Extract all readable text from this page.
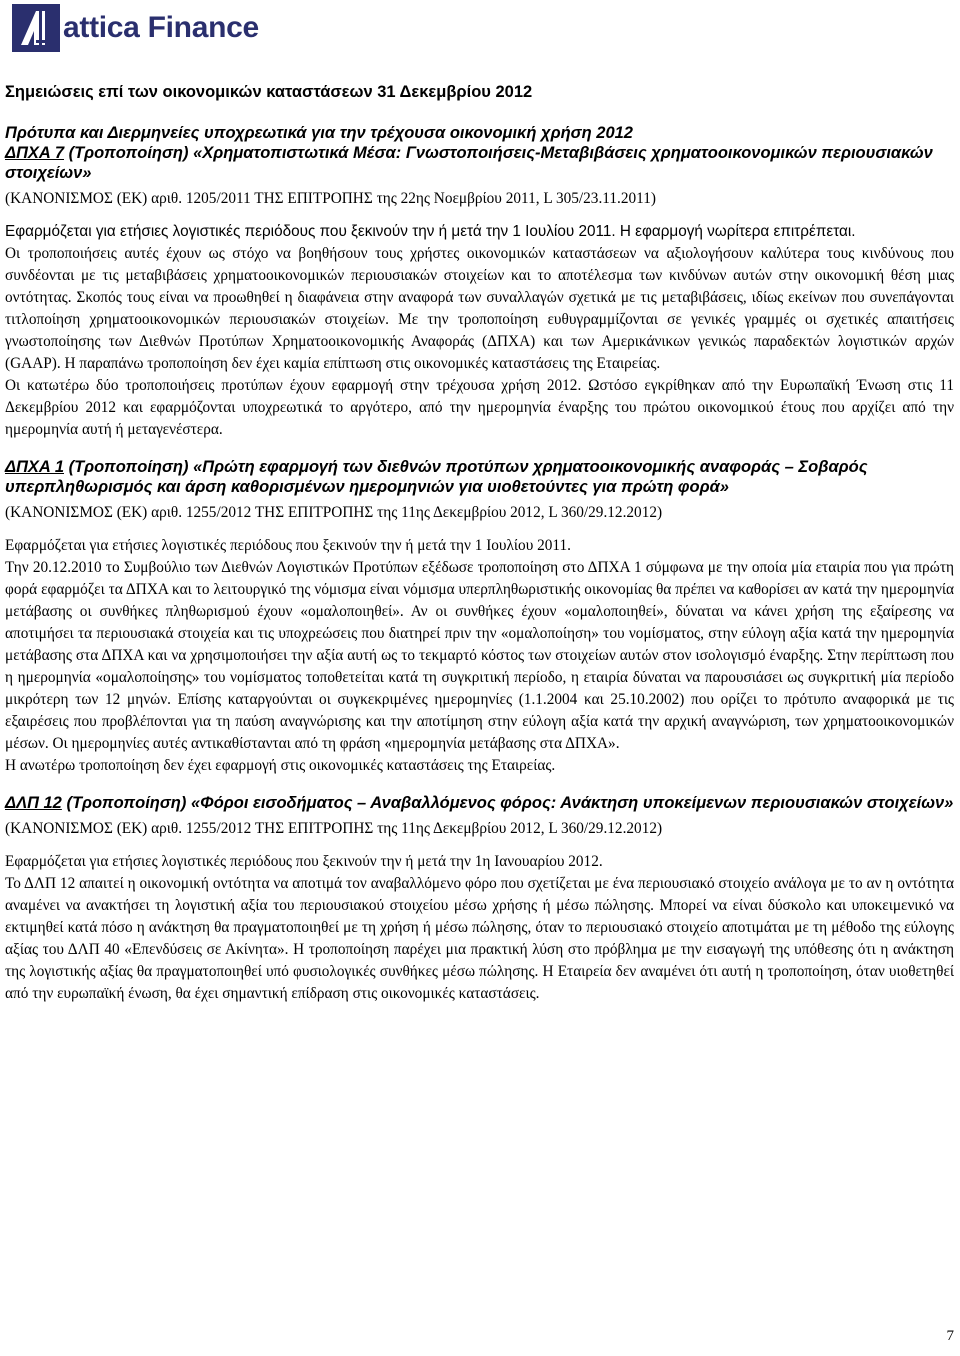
attica Finance
Σημειώσεις επί των οικονομικών καταστάσεων 31 Δεκεμβρίου 2012
Πρότυπα και Διερμηνείες υποχρεωτικά για την τρέχουσα οικονομική χρήση 2012
ΔΠΧΑ 7 (Τροποποίηση) «Χρηματοπιστωτικά Μέσα: Γνωστοποιήσεις-Μεταβιβάσεις χρηματοοικονομικών περιουσιακών στοιχείων»
(ΚΑΝΟΝΙΣΜΟΣ (ΕΚ) αριθ. 1205/2011 ΤΗΣ ΕΠΙΤΡΟΠΗΣ της 22ης Νοεμβρίου 2011, L 305/23.11.2011)

Εφαρμόζεται για ετήσιες λογιστικές περιόδους που ξεκινούν την ή μετά την 1 Ιουλίου 2011. Η εφαρμογή νωρίτερα επιτρέπεται.

Οι τροποποιήσεις αυτές έχουν ως στόχο να βοηθήσουν τους χρήστες οικονομικών καταστάσεων να αξιολογήσουν καλύτερα τους κινδύνους που συνδέονται με τις μεταβιβάσεις χρηματοοικονομικών περιουσιακών στοιχείων και το αποτέλεσμα των κινδύνων αυτών στην οικονομική θέση μιας οντότητας. Σκοπός τους είναι να προωθηθεί η διαφάνεια στην αναφορά των συναλλαγών σχετικά με τις μεταβιβάσεις, ιδίως εκείνων που συνεπάγονται τιτλοποίηση χρηματοοικονομικών περιουσιακών στοιχείων. Με την τροποποίηση ευθυγραμμίζονται σε γενικές γραμμές οι σχετικές απαιτήσεις γνωστοποίησης των Διεθνών Προτύπων Χρηματοοικονομικής Αναφοράς (ΔΠΧΑ) και των Αμερικάνικων γενικώς παραδεκτών λογιστικών αρχών (GAAP). Η παραπάνω τροποποίηση δεν έχει καμία επίπτωση στις οικονομικές καταστάσεις της Εταιρείας.

Οι κατωτέρω δύο τροποποιήσεις προτύπων έχουν εφαρμογή στην τρέχουσα χρήση 2012. Ωστόσο εγκρίθηκαν από την Ευρωπαϊκή Ένωση στις 11 Δεκεμβρίου 2012 και εφαρμόζονται υποχρεωτικά το αργότερο, από την ημερομηνία έναρξης του πρώτου οικονομικού έτους που αρχίζει από την ημερομηνία αυτή ή μεταγενέστερα.

ΔΠΧΑ 1 (Τροποποίηση) «Πρώτη εφαρμογή των διεθνών προτύπων χρηματοοικονομικής αναφοράς – Σοβαρός υπερπληθωρισμός και άρση καθορισμένων ημερομηνιών για υιοθετούντες για πρώτη φορά»
(ΚΑΝΟΝΙΣΜΟΣ (ΕΚ) αριθ. 1255/2012 ΤΗΣ ΕΠΙΤΡΟΠΗΣ της 11ης Δεκεμβρίου 2012, L 360/29.12.2012)

Εφαρμόζεται για ετήσιες λογιστικές περιόδους που ξεκινούν την ή μετά την 1 Ιουλίου 2011.

Την 20.12.2010 το Συμβούλιο των Διεθνών Λογιστικών Προτύπων εξέδωσε τροποποίηση στο ΔΠΧΑ 1 σύμφωνα με την οποία μία εταιρία που για πρώτη φορά εφαρμόζει τα ΔΠΧΑ και το λειτουργικό της νόμισμα είναι νόμισμα υπερπληθωριστικής οικονομίας θα πρέπει να καθορίσει αν κατά την ημερομηνία μετάβασης οι συνθήκες πληθωρισμού έχουν «ομαλοποιηθεί». Αν οι συνθήκες έχουν «ομαλοποιηθεί», δύναται να κάνει χρήση της εξαίρεσης να αποτιμήσει τα περιουσιακά στοιχεία και τις υποχρεώσεις που διατηρεί πριν την «ομαλοποίηση» του νομίσματος, στην εύλογη αξία κατά την ημερομηνία μετάβασης στα ΔΠΧΑ και να χρησιμοποιήσει την αξία αυτή ως το τεκμαρτό κόστος των στοιχείων αυτών στον ισολογισμό έναρξης. Στην περίπτωση που η ημερομηνία «ομαλοποίησης» του νομίσματος τοποθετείται κατά τη συγκριτική περίοδο, η εταιρία δύναται να παρουσιάσει ως συγκριτική μία περίοδο μικρότερη των 12 μηνών. Επίσης καταργούνται οι συγκεκριμένες ημερομηνίες (1.1.2004 και 25.10.2002) που ορίζει το πρότυπο αναφορικά με τις εξαιρέσεις που προβλέπονται για τη παύση αναγνώρισης και την αποτίμηση στην εύλογη αξία κατά την αρχική αναγνώριση, των χρηματοοικονομικών μέσων. Οι ημερομηνίες αυτές αντικαθίστανται από τη φράση «ημερομηνία μετάβασης στα ΔΠΧΑ».

Η ανωτέρω τροποποίηση δεν έχει εφαρμογή στις οικονομικές καταστάσεις της Εταιρείας.

ΔΛΠ 12 (Τροποποίηση) «Φόροι εισοδήματος – Αναβαλλόμενος φόρος: Ανάκτηση υποκείμενων περιουσιακών στοιχείων»
(ΚΑΝΟΝΙΣΜΟΣ (ΕΚ) αριθ. 1255/2012 ΤΗΣ ΕΠΙΤΡΟΠΗΣ της 11ης Δεκεμβρίου 2012, L 360/29.12.2012)

Εφαρμόζεται για ετήσιες λογιστικές περιόδους που ξεκινούν την ή μετά την 1η Ιανουαρίου 2012.

Το ΔΛΠ 12 απαιτεί η οικονομική οντότητα να αποτιμά τον αναβαλλόμενο φόρο που σχετίζεται με ένα περιουσιακό στοιχείο ανάλογα με το αν η οντότητα αναμένει να ανακτήσει τη λογιστική αξία του περιουσιακού στοιχείου μέσω χρήσης ή μέσω πώλησης. Μπορεί να είναι δύσκολο και υποκειμενικό να εκτιμηθεί κατά πόσο η ανάκτηση θα πραγματοποιηθεί με τη χρήση ή μέσω πώλησης, όταν το περιουσιακό στοιχείο αποτιμάται με τη μέθοδο της εύλογης αξίας του ΔΛΠ 40 «Επενδύσεις σε Ακίνητα». Η τροποποίηση παρέχει μια πρακτική λύση στο πρόβλημα με την εισαγωγή της υπόθεσης ότι η ανάκτηση της λογιστικής αξίας θα πραγματοποιηθεί υπό φυσιολογικές συνθήκες μέσω πώλησης. Η Εταιρεία δεν αναμένει ότι αυτή η τροποποίηση, όταν υιοθετηθεί από την ευρωπαϊκή ένωση, θα έχει σημαντική επίδραση στις οικονομικές καταστάσεις.

7
